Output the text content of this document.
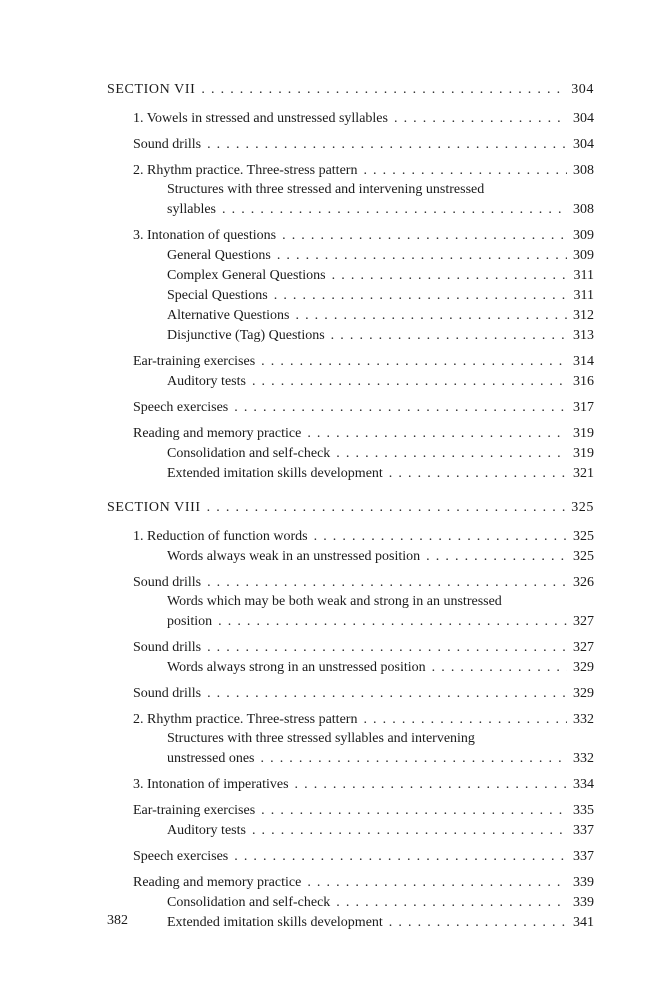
SECTION VII . . .	304
1. Vowels in stressed and unstressed syllables . . .	304
Sound drills . . .	304
2. Rhythm practice. Three-stress pattern . . .	308
Structures with three stressed and intervening unstressed
syllables . . .	308
3. Intonation of questions . . .	309
General Questions . . .	309
Complex General Questions . . .	311
Special Questions . . .	311
Alternative Questions . . .	312
Disjunctive (Tag) Questions . . .	313
Ear-training exercises . . .	314
Auditory tests . . .	316
Speech exercises . . .	317
Reading and memory practice . . .	319
Consolidation and self-check . . .	319
Extended imitation skills development . . .	321
SECTION VIII . . .	325
1. Reduction of function words . . .	325
Words always weak in an unstressed position . . .	325
Sound drills . . .	326
Words which may be both weak and strong in an unstressed
position . . .	327
Sound drills . . .	327
Words always strong in an unstressed position . . .	329
Sound drills . . .	329
2. Rhythm practice. Three-stress pattern . . .	332
Structures with three stressed syllables and intervening
unstressed ones . . .	332
3. Intonation of imperatives . . .	334
Ear-training exercises . . .	335
Auditory tests . . .	337
Speech exercises . . .	337
Reading and memory practice . . .	339
Consolidation and self-check . . .	339
Extended imitation skills development . . .	341
382
